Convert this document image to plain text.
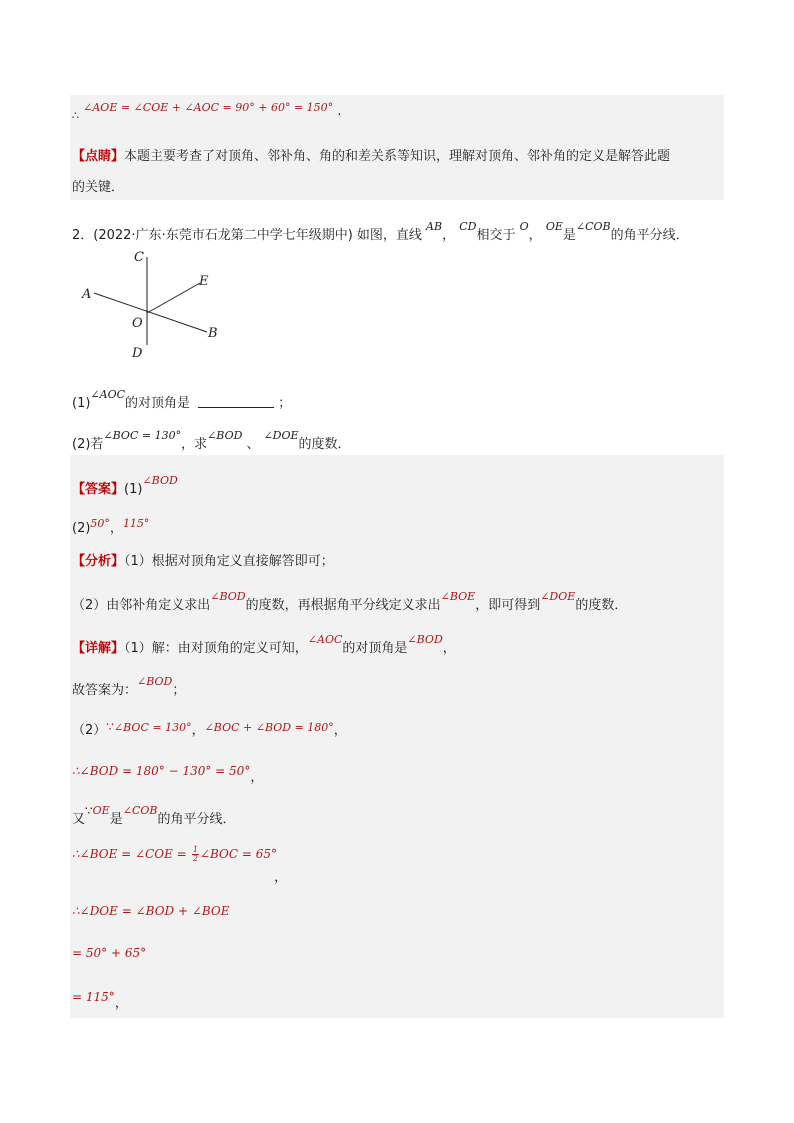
∴ $^{\angle AOE = \angle COE + \angle AOC = 90^\circ + 60^\circ = 150^\circ}$ .
【点睛】本题主要考查了对顶角、邻补角、角的和差关系等知识，理解对顶角、邻补角的定义是解答此题
的关键．
2．(2022·广东·东莞市石龙第二中学七年级期中) 如图，直线 $^{AB}$， $^{CD}$相交于 $^O$， $^{OE}$是$^{\angle COB}$的角平分线．
C
A
E
O
B
D
$(1)^{\angle AOC}$的对顶角是	；
(2)若$^{\angle BOC = 130^\circ}$，求$^{\angle BOD}$、$^{\angle DOE}$的度数．
【答案】$(1)^{\angle BOD}$
$(2)^{50^\circ}$，$^{115^\circ}$
【分析】（1）根据对顶角定义直接解答即可；
（2）由邻补角定义求出$^{\angle BOD}$的度数，再根据角平分线定义求出$^{\angle BOE}$，即可得到$^{\angle DOE}$的度数．
【详解】（1）解：由对顶角的定义可知，$^{\angle AOC}$的对顶角是$^{\angle BOD}$，
故答案为：$^{\angle BOD}$；
（2）∵$^{\angle BOC = 130^\circ}$，$^{\angle BOC + \angle BOD = 180^\circ}$，
∴∠BOD = 180° − 130° = 50°，
又∵$^{OE}$是$^{\angle COB}$的角平分线．
∴∠BOE = ∠COE = $\frac{1}{2}$ ∠BOC = 65°
，
∴∠DOE = ∠BOD + ∠BOE
= 50° + 65°
= 115°，
